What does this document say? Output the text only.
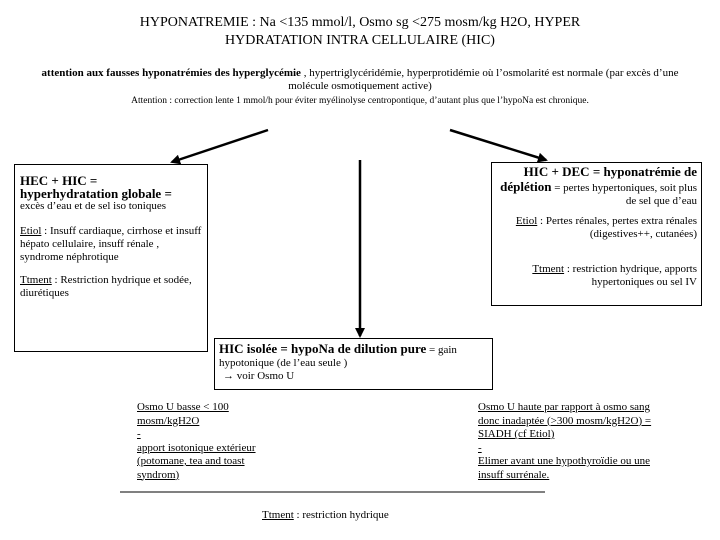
HYPONATREMIE : Na <135 mmol/l, Osmo sg <275 mosm/kg H2O, HYPER
HYDRATATION INTRA CELLULAIRE (HIC)
attention aux fausses hyponatrémies des hyperglycémie , hypertriglycéridémie, hyperprotidémie où l’osmolarité est normale (par excès d’une molécule osmotiquement active)
Attention : correction lente 1 mmol/h pour éviter myélinolyse centropontique, d’autant plus que l’hypoNa est chronique.
HEC + HIC =
hyperhydratation globale =

excès d’eau et de sel iso toniques

Etiol : Insuff cardiaque, cirrhose et insuff hépato cellulaire, insuff rénale , syndrome néphrotique

Ttment : Restriction hydrique et sodée, diurétiques

HIC + DEC = hyponatrémie de déplétion = pertes hypertoniques, soit plus de sel que d’eau

Etiol : Pertes rénales, pertes extra rénales (digestives++, cutanées)

Ttment : restriction hydrique, apports hypertoniques ou sel IV

HIC isolée = hypoNa de dilution pure = gain hypotonique (de l’eau seule )

→ voir Osmo U

Osmo U basse < 100 mosm/kgH2O

-

apport isotonique extérieur (potomane, tea and toast syndrom)

Osmo U haute par rapport à osmo sang donc inadaptée (>300 mosm/kgH2O) = SIADH (cf Etiol)

-

Elimer avant une hypothyroïdie ou une insuff surrénale.

Ttment : restriction hydrique
